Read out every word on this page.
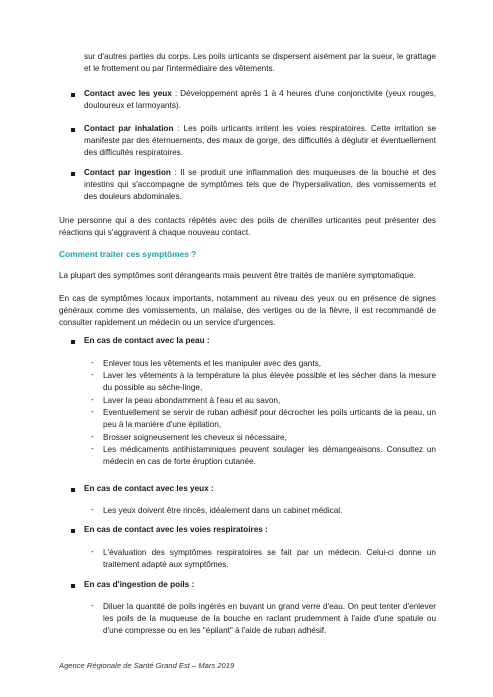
sur d'autres parties du corps. Les poils urticants se dispersent aisément par la sueur, le grattage et le frottement ou par l'intermédiaire des vêtements.
Contact avec les yeux : Développement après 1 à 4 heures d'une conjonctivite (yeux rouges, douloureux et larmoyants).
Contact par inhalation : Les poils urticants irritent les voies respiratoires. Cette irritation se manifeste par des éternuements, des maux de gorge, des difficultés à déglutir et éventuellement des difficultés respiratoires.
Contact par ingestion : Il se produit une inflammation des muqueuses de la bouche et des intestins qui s'accompagne de symptômes tels que de l'hypersalivation, des vomissements et des douleurs abdominales.
Une personne qui a des contacts répétés avec des poils de chenilles urticantes peut présenter des réactions qui s'aggravent à chaque nouveau contact.
Comment traiter ces symptômes ?
La plupart des symptômes sont dérangeants mais peuvent être traités de manière symptomatique.
En cas de symptômes locaux importants, notamment au niveau des yeux ou en présence de signes généraux comme des vomissements, un malaise, des vertiges ou de la fièvre, il est recommandé de consulter rapidement un médecin ou un service d'urgences.
En cas de contact avec la peau :
- Enlever tous les vêtements et les manipuler avec des gants,
- Laver les vêtements à la température la plus élevée possible et les sécher dans la mesure du possible au sèche-linge,
- Laver la peau abondamment à l'eau et au savon,
- Eventuellement se servir de ruban adhésif pour décrocher les poils urticants de la peau, un peu à la manière d'une épilation,
- Brosser soigneusement les cheveux si nécessaire,
- Les médicaments antihistaminiques peuvent soulager les démangeaisons. Consultez un médecin en cas de forte éruption cutanée.
En cas de contact avec les yeux :
- Les yeux doivent être rincés, idéalement dans un cabinet médical.
En cas de contact avec les voies respiratoires :
- L'évaluation des symptômes respiratoires se fait par un médecin. Celui-ci donne un traitement adapté aux symptômes.
En cas d'ingestion de poils :
- Diluer la quantité de poils ingérés en buvant un grand verre d'eau. On peut tenter d'enlever les poils de la muqueuse de la bouche en raclant prudemment à l'aide d'une spatule ou d'une compresse ou en les "épilant" à l'aide de ruban adhésif.
Agence Régionale de Santé Grand Est – Mars 2019
